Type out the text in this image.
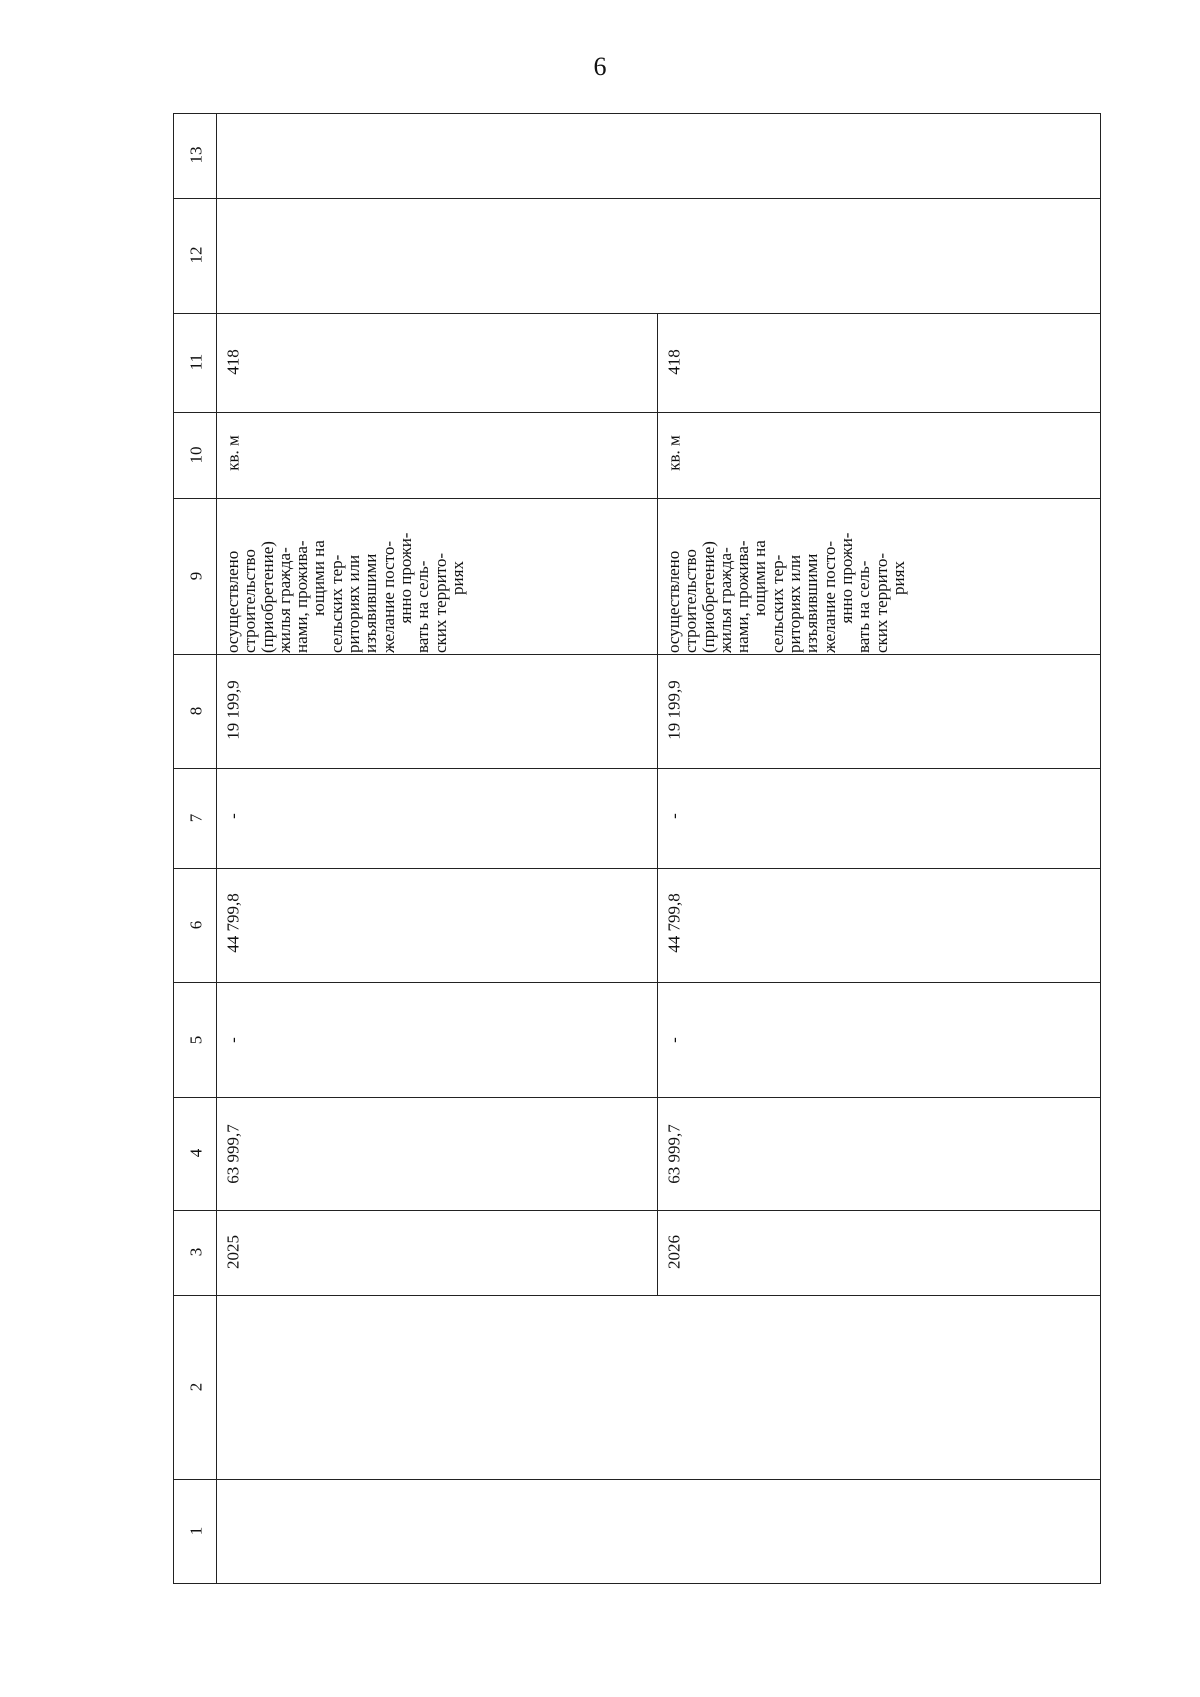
6
13
12
11
10
9
8
7
6
5
4
3
2
1
418
кв. м
осуществлено
строительство
(приобретение)
жилья гражда-
нами, прожива-
ющими на
сельских тер-
риториях или
изъявившими
желание посто-
янно прожи-
вать на сель-
ских террито-
риях
19 199,9
-
44 799,8
-
63 999,7
2025
418
кв. м
осуществлено
строительство
(приобретение)
жилья гражда-
нами, прожива-
ющими на
сельских тер-
риториях или
изъявившими
желание посто-
янно прожи-
вать на сель-
ских террито-
риях
19 199,9
-
44 799,8
-
63 999,7
2026
